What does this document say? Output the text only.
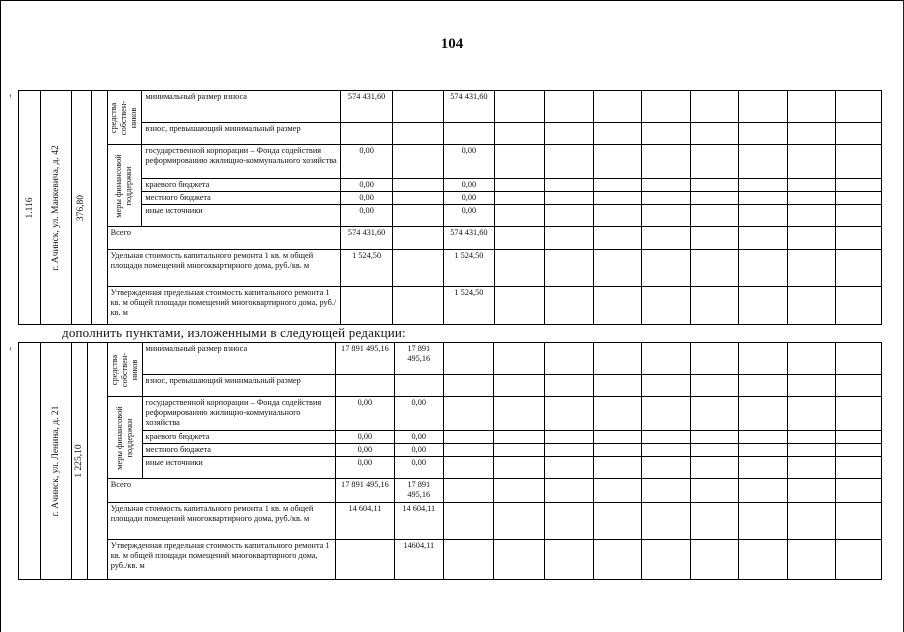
104
‹
‹
1.116	г. Ачинск, ул. Манкевича, д. 42	376,80		средства собствен-ников	минимальный размер взноса	574 431,60		574 431,60								
					взнос, превышающий минимальный размер											

				меры финансовой поддержки	государственной корпорации – Фонда содействия реформированию жилищно-коммунального хозяйства	0,00		0,00								
					краевого бюджета	0,00		0,00								
					местного бюджета	0,00		0,00								
					иные источники	0,00		0,00								
				Всего		574 431,60		574 431,60								
				Удельная стоимость капитального ремонта 1 кв. м общей площади помещений многоквартирного дома, руб./кв. м		1 524,50		1 524,50								
				Утвержденная предельная стоимость капитального ремонта 1 кв. м общей площади помещений многоквартирного дома, руб./кв. м				1 524,50								
дополнить пунктами, изложенными в следующей редакции:

	г. Ачинск, ул. Ленина, д. 21	1 225,10		средства собствен-ников	минимальный размер взноса	17 891 495,16	17 891 495,16									
					взнос, превышающий минимальный размер											

				меры финансовой поддержки	государственной корпорации – Фонда содействия реформированию жилищно-коммунального хозяйства	0,00	0,00									
					краевого бюджета	0,00	0,00									
					местного бюджета	0,00	0,00									
					иные источники	0,00	0,00									
				Всего		17 891 495,16	17 891 495,16									
				Удельная стоимость капитального ремонта 1 кв. м общей площади помещений многоквартирного дома, руб./кв. м		14 604,11	14 604,11									
				Утвержденная предельная стоимость капитального ремонта 1 кв. м общей площади помещений многоквартирного дома, руб./кв. м			14604,11									
